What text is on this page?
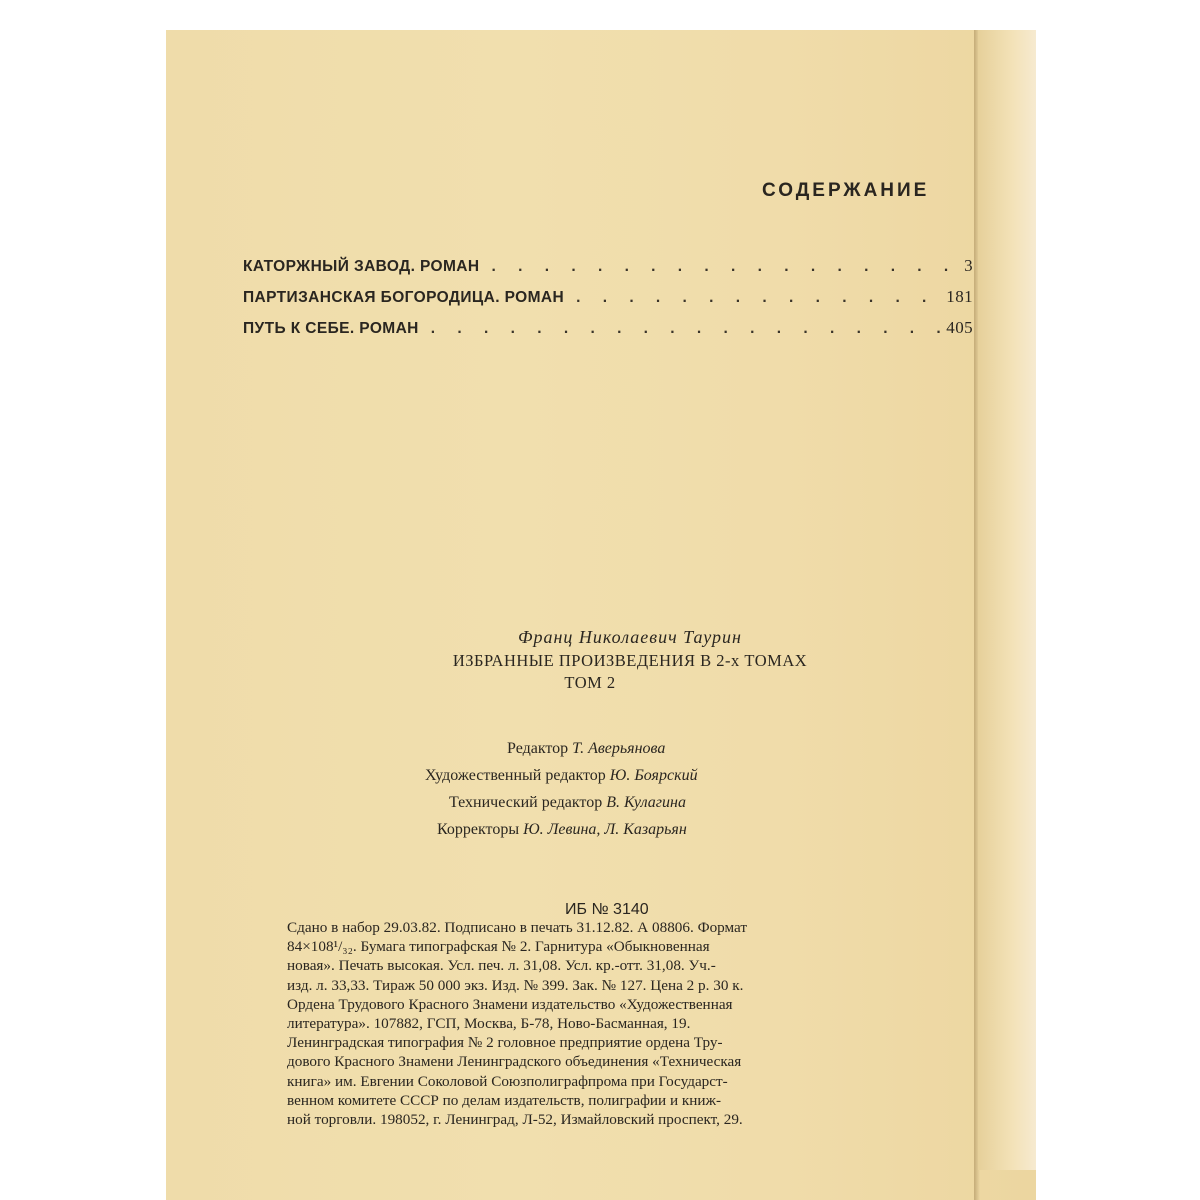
СОДЕРЖАНИЕ
КАТОРЖНЫЙ ЗАВОД. РОМАН . . .	3
ПАРТИЗАНСКАЯ БОГОРОДИЦА. РОМАН . . .	181
ПУТЬ К СЕБЕ. РОМАН . . .	405
Франц Николаевич Таурин
ИЗБРАННЫЕ ПРОИЗВЕДЕНИЯ В 2-х ТОМАХ
ТОМ 2
Редактор Т. Аверьянова
Художественный редактор Ю. Боярский
Технический редактор В. Кулагина
Корректоры Ю. Левина, Л. Казарьян
ИБ № 3140
Сдано в набор 29.03.82. Подписано в печать 31.12.82. А 08806. Формат
84×108¹/₃₂. Бумага типографская № 2. Гарнитура «Обыкновенная
новая». Печать высокая. Усл. печ. л. 31,08. Усл. кр.-отт. 31,08. Уч.-
изд. л. 33,33. Тираж 50 000 экз. Изд. № 399. Зак. № 127. Цена 2 р. 30 к.
Ордена Трудового Красного Знамени издательство «Художественная
литература». 107882, ГСП, Москва, Б-78, Ново-Басманная, 19.
Ленинградская типография № 2 головное предприятие ордена Тру-
дового Красного Знамени Ленинградского объединения «Техническая
книга» им. Евгении Соколовой Союзполиграфпрома при Государст-
венном комитете СССР по делам издательств, полиграфии и книж-
ной торговли. 198052, г. Ленинград, Л-52, Измайловский проспект, 29.
